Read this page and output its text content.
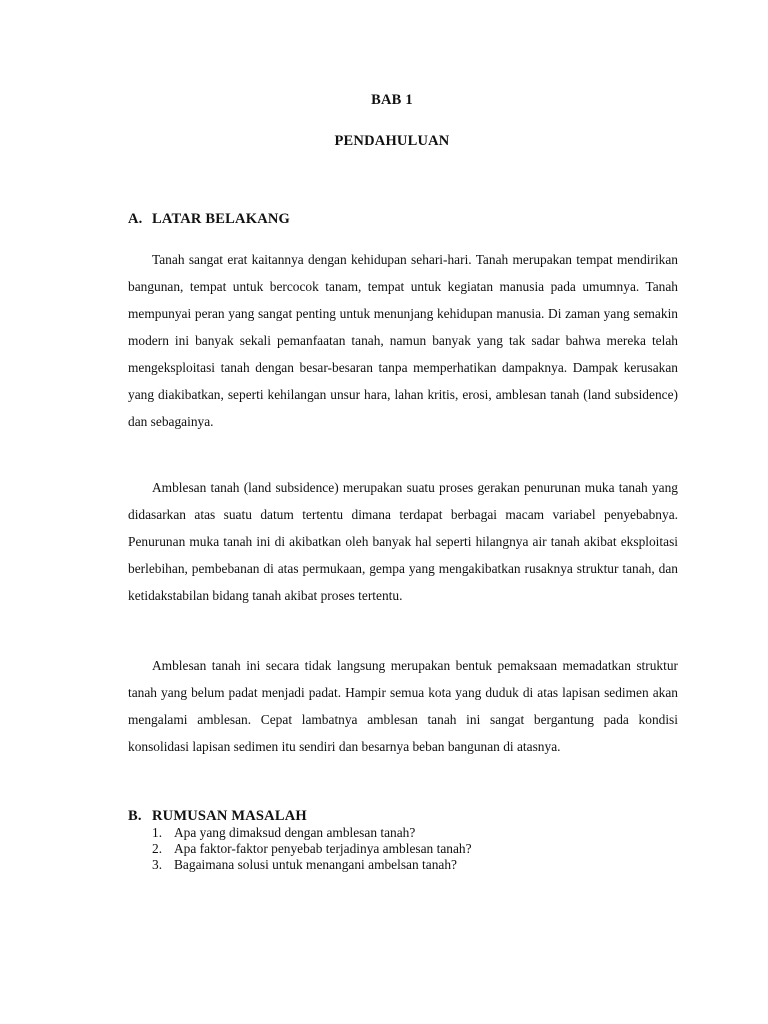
BAB 1
PENDAHULUAN
A. LATAR BELAKANG

Tanah sangat erat kaitannya dengan kehidupan sehari-hari. Tanah merupakan tempat mendirikan bangunan, tempat untuk bercocok tanam, tempat untuk kegiatan manusia pada umumnya. Tanah mempunyai peran yang sangat penting untuk menunjang kehidupan manusia. Di zaman yang semakin modern ini banyak sekali pemanfaatan tanah, namun banyak yang tak sadar bahwa mereka telah mengeksploitasi tanah dengan besar-besaran tanpa memperhatikan dampaknya. Dampak kerusakan yang diakibatkan, seperti kehilangan unsur hara, lahan kritis, erosi, amblesan tanah (land subsidence) dan sebagainya.

Amblesan tanah (land subsidence) merupakan suatu proses gerakan penurunan muka tanah yang didasarkan atas suatu datum tertentu dimana terdapat berbagai macam variabel penyebabnya. Penurunan muka tanah ini di akibatkan oleh banyak hal seperti hilangnya air tanah akibat eksploitasi berlebihan, pembebanan di atas permukaan, gempa yang mengakibatkan rusaknya struktur tanah, dan ketidakstabilan bidang tanah akibat proses tertentu.

Amblesan tanah ini secara tidak langsung merupakan bentuk pemaksaan memadatkan struktur tanah yang belum padat menjadi padat. Hampir semua kota yang duduk di atas lapisan sedimen akan mengalami amblesan. Cepat lambatnya amblesan tanah ini sangat bergantung pada kondisi konsolidasi lapisan sedimen itu sendiri dan besarnya beban bangunan di atasnya.

B. RUMUSAN MASALAH
1. Apa yang dimaksud dengan amblesan tanah?
2. Apa faktor-faktor penyebab terjadinya amblesan tanah?
3. Bagaimana solusi untuk menangani ambelsan tanah?
